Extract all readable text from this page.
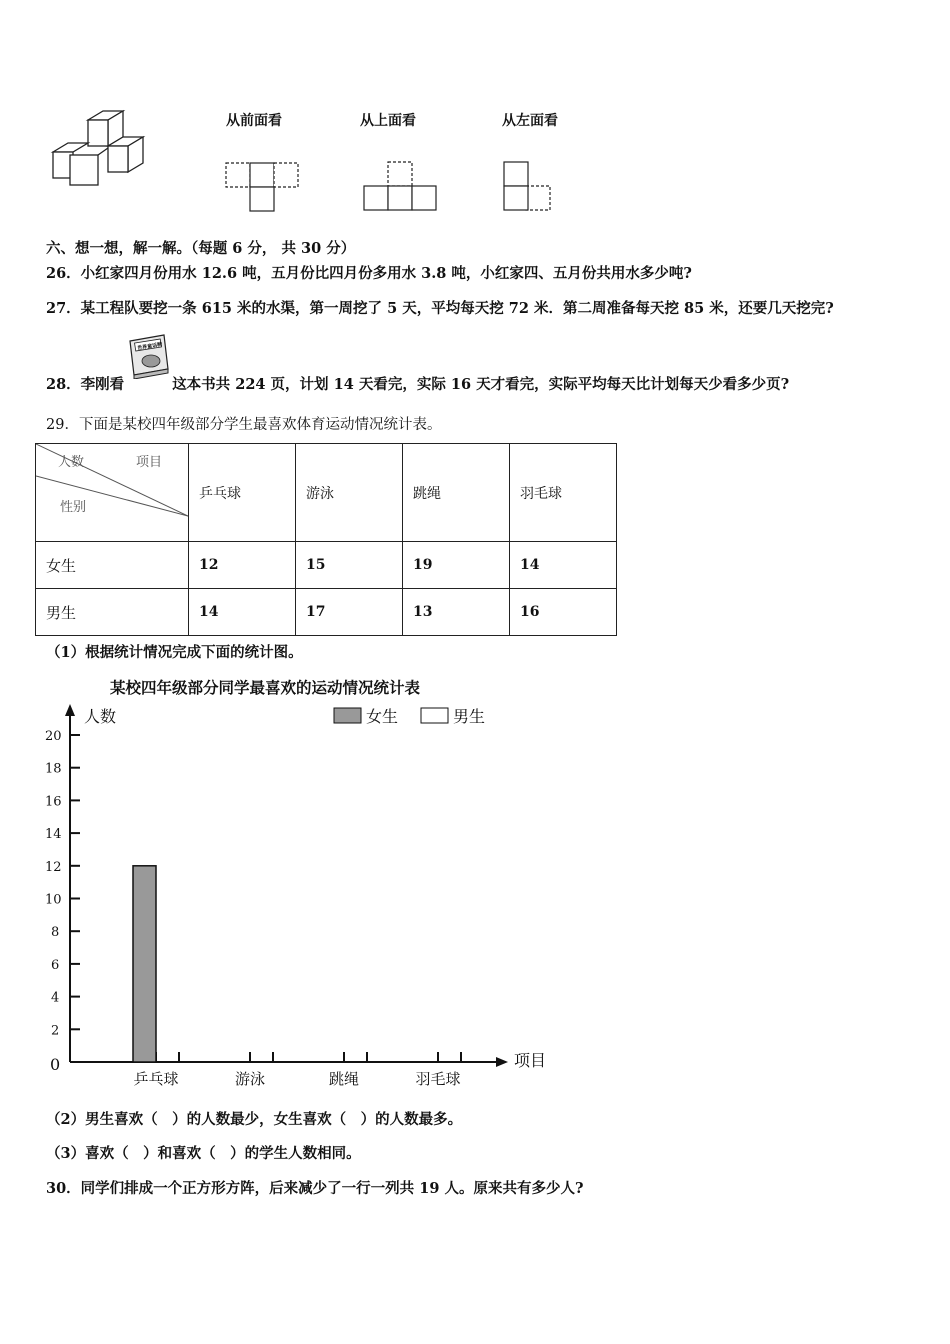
从前面看	从上面看	从左面看
六、想一想，解一解。（每题 6 分， 共 30 分）
26．小红家四月份用水 12.6 吨，五月份比四月份多用水 3.8 吨，小红家四、五月份共用水多少吨?
27．某工程队要挖一条 615 米的水渠，第一周挖了 5 天，平均每天挖 72 米．第二周准备每天挖 85 米，还要几天挖完?
28．李刚看
世界童话精
这本书共 224 页，计划 14 天看完，实际 16 天才看完，实际平均每天比计划每天少看多少页?
29．下面是某校四年级部分学生最喜欢体育运动情况统计表。
人数 项目
性别	乒乓球	游泳	跳绳	羽毛球
女生	12	15	19	14
男生	14	17	13	16
（1）根据统计情况完成下面的统计图。
某校四年级部分同学最喜欢的运动情况统计表
人数
项目
女生	男生
0
2
4
6
8
10
12
14
16
18
20
乒乓球	游泳	跳绳	羽毛球
（2）男生喜欢（　）的人数最少，女生喜欢（　）的人数最多。
（3）喜欢（　）和喜欢（　）的学生人数相同。
30．同学们排成一个正方形方阵，后来减少了一行一列共 19 人。原来共有多少人?
